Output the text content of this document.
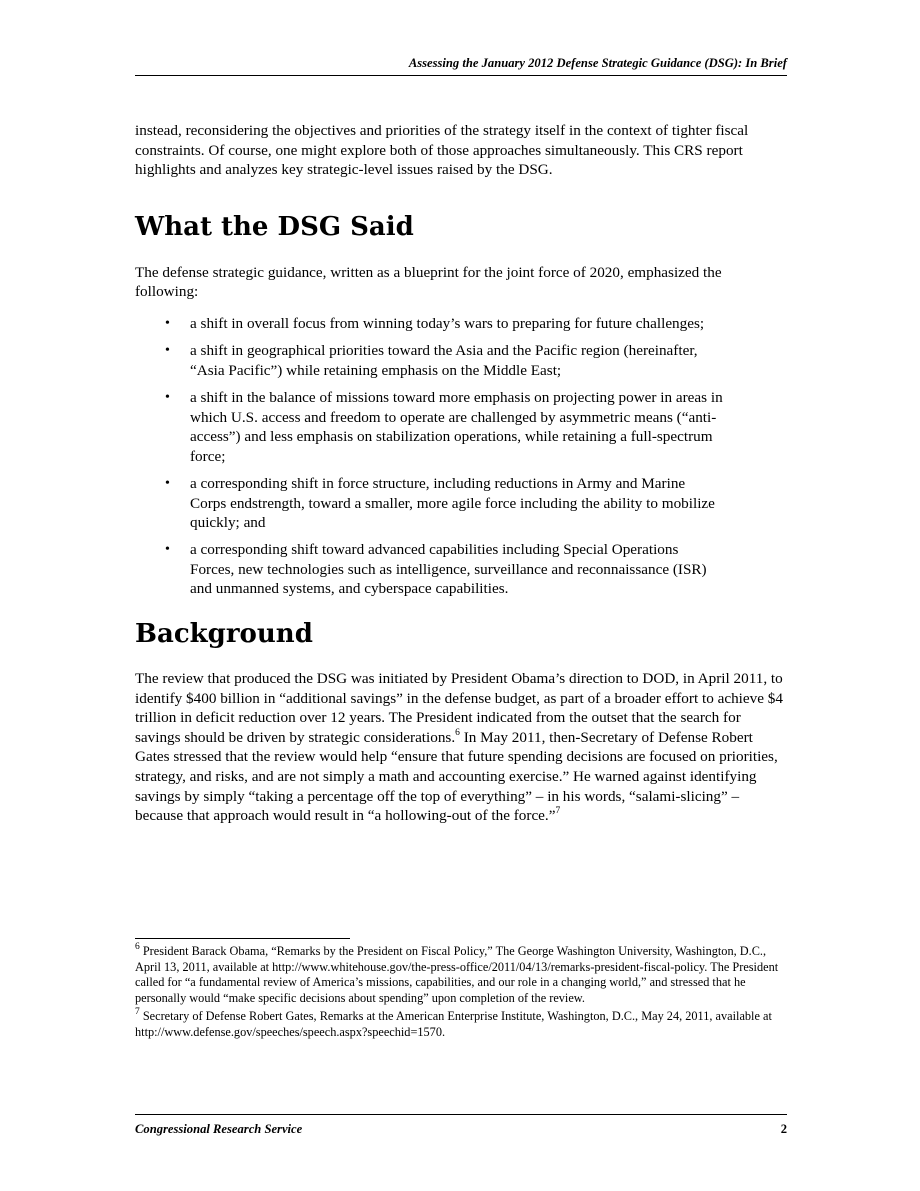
Assessing the January 2012 Defense Strategic Guidance (DSG): In Brief

instead, reconsidering the objectives and priorities of the strategy itself in the context of tighter fiscal constraints. Of course, one might explore both of those approaches simultaneously. This CRS report highlights and analyzes key strategic-level issues raised by the DSG.

What the DSG Said

The defense strategic guidance, written as a blueprint for the joint force of 2020, emphasized the following:

• a shift in overall focus from winning today’s wars to preparing for future challenges;
• a shift in geographical priorities toward the Asia and the Pacific region (hereinafter, “Asia Pacific”) while retaining emphasis on the Middle East;
• a shift in the balance of missions toward more emphasis on projecting power in areas in which U.S. access and freedom to operate are challenged by asymmetric means (“anti-access”) and less emphasis on stabilization operations, while retaining a full-spectrum force;
• a corresponding shift in force structure, including reductions in Army and Marine Corps endstrength, toward a smaller, more agile force including the ability to mobilize quickly; and
• a corresponding shift toward advanced capabilities including Special Operations Forces, new technologies such as intelligence, surveillance and reconnaissance (ISR) and unmanned systems, and cyberspace capabilities.
Background

The review that produced the DSG was initiated by President Obama’s direction to DOD, in April 2011, to identify $400 billion in “additional savings” in the defense budget, as part of a broader effort to achieve $4 trillion in deficit reduction over 12 years. The President indicated from the outset that the search for savings should be driven by strategic considerations.$^6$ In May 2011, then-Secretary of Defense Robert Gates stressed that the review would help “ensure that future spending decisions are focused on priorities, strategy, and risks, and are not simply a math and accounting exercise.” He warned against identifying savings by simply “taking a percentage off the top of everything” – in his words, “salami-slicing” – because that approach would result in “a hollowing-out of the force.”$^7$

$^6$ President Barack Obama, “Remarks by the President on Fiscal Policy,” The George Washington University, Washington, D.C., April 13, 2011, available at http://www.whitehouse.gov/the-press-office/2011/04/13/remarks-president-fiscal-policy. The President called for “a fundamental review of America’s missions, capabilities, and our role in a changing world,” and stressed that he personally would “make specific decisions about spending” upon completion of the review.

$^7$ Secretary of Defense Robert Gates, Remarks at the American Enterprise Institute, Washington, D.C., May 24, 2011, available at http://www.defense.gov/speeches/speech.aspx?speechid=1570.

Congressional Research Service	2
